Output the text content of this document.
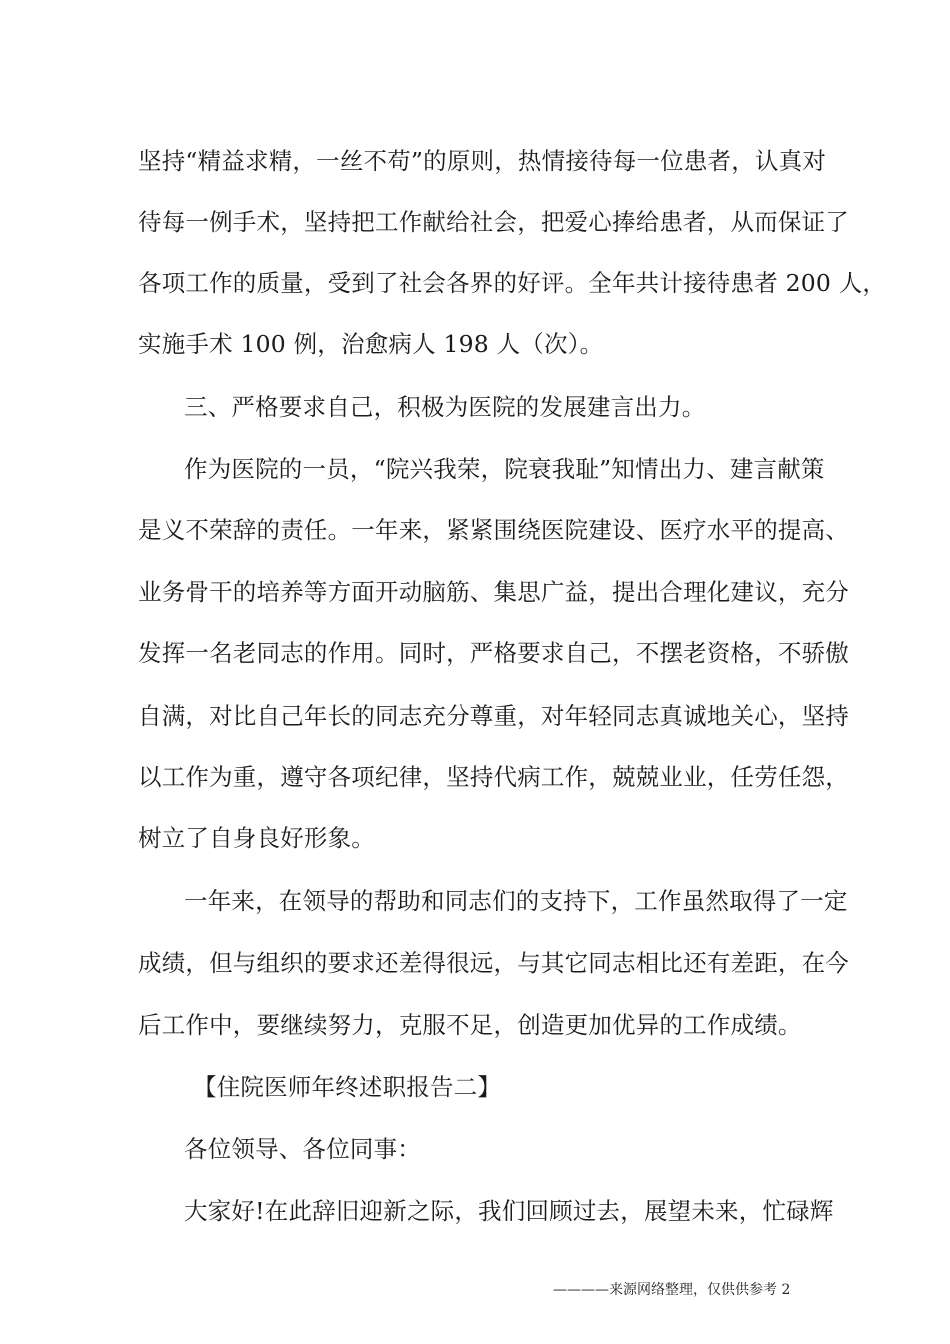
坚持“精益求精，一丝不苟”的原则，热情接待每一位患者，认真对
待每一例手术，坚持把工作献给社会，把爱心捧给患者，从而保证了
各项工作的质量，受到了社会各界的好评。全年共计接待患者 200 人，
实施手术 100 例，治愈病人 198 人（次）。
三、严格要求自己，积极为医院的发展建言出力。
作为医院的一员，“院兴我荣，院衰我耻”知情出力、建言献策
是义不荣辞的责任。一年来，紧紧围绕医院建设、医疗水平的提高、
业务骨干的培养等方面开动脑筋、集思广益，提出合理化建议，充分
发挥一名老同志的作用。同时，严格要求自己，不摆老资格，不骄傲
自满，对比自己年长的同志充分尊重，对年轻同志真诚地关心，坚持
以工作为重，遵守各项纪律，坚持代病工作，兢兢业业，任劳任怨，
树立了自身良好形象。
一年来，在领导的帮助和同志们的支持下，工作虽然取得了一定
成绩，但与组织的要求还差得很远，与其它同志相比还有差距，在今
后工作中，要继续努力，克服不足，创造更加优异的工作成绩。
【住院医师年终述职报告二】
各位领导、各位同事：
大家好!在此辞旧迎新之际，我们回顾过去，展望未来，忙碌辉
————来源网络整理，仅供供参考 2
